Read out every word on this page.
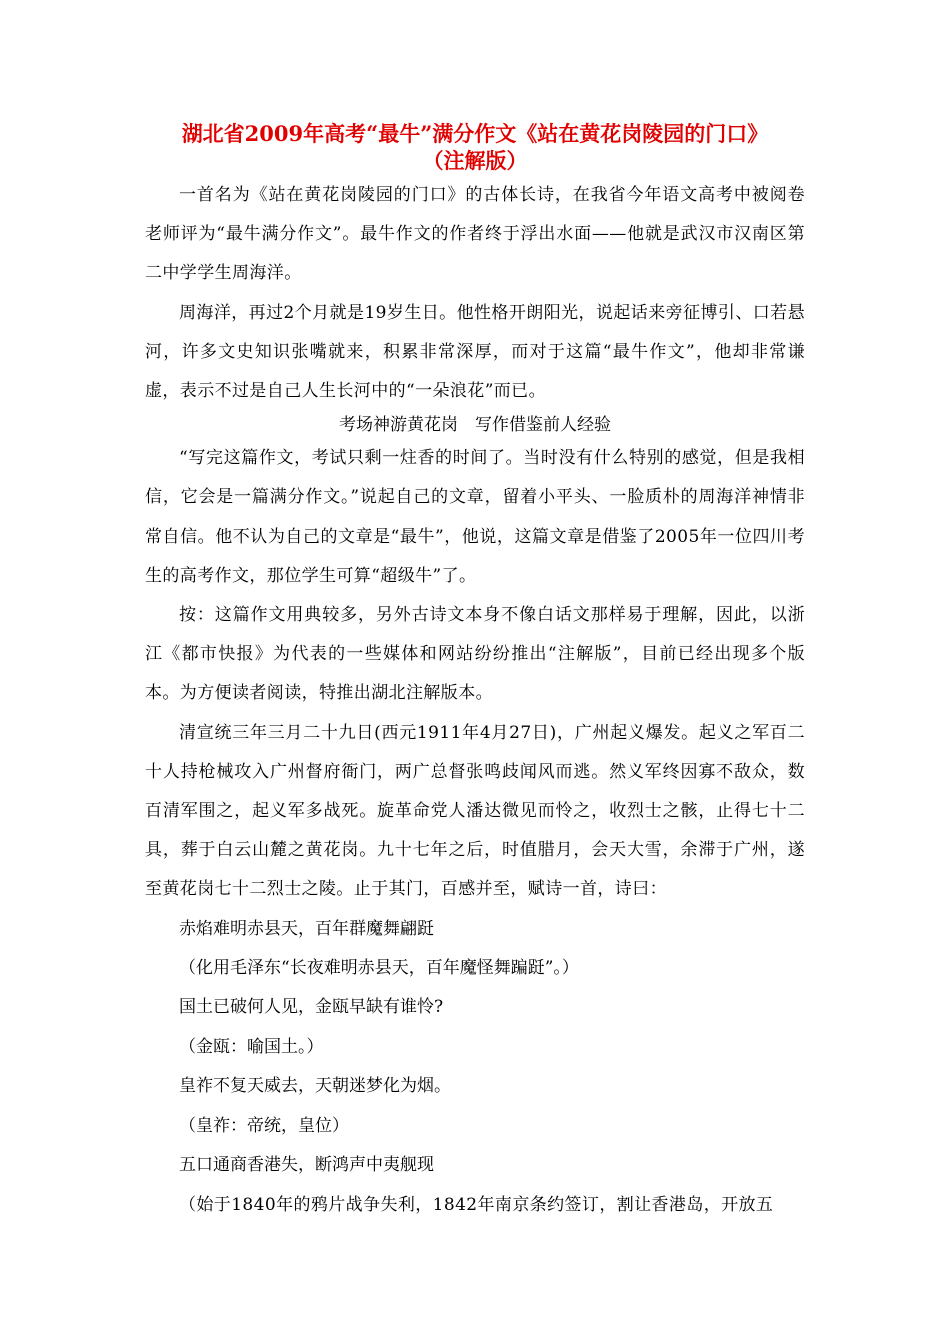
湖北省2009年高考“最牛”满分作文《站在黄花岗陵园的门口》
（注解版）

一首名为《站在黄花岗陵园的门口》的古体长诗，在我省今年语文高考中被阅卷老师评为“最牛满分作文”。最牛作文的作者终于浮出水面——他就是武汉市汉南区第二中学学生周海洋。

周海洋，再过2个月就是19岁生日。他性格开朗阳光，说起话来旁征博引、口若悬河，许多文史知识张嘴就来，积累非常深厚，而对于这篇“最牛作文”，他却非常谦虚，表示不过是自己人生长河中的“一朵浪花”而已。

考场神游黄花岗　写作借鉴前人经验

“写完这篇作文，考试只剩一炷香的时间了。当时没有什么特别的感觉，但是我相信，它会是一篇满分作文。”说起自己的文章，留着小平头、一脸质朴的周海洋神情非常自信。他不认为自己的文章是“最牛”，他说，这篇文章是借鉴了2005年一位四川考生的高考作文，那位学生可算“超级牛”了。

按：这篇作文用典较多，另外古诗文本身不像白话文那样易于理解，因此，以浙江《都市快报》为代表的一些媒体和网站纷纷推出“注解版”，目前已经出现多个版本。为方便读者阅读，特推出湖北注解版本。

清宣统三年三月二十九日(西元1911年4月27日)，广州起义爆发。起义之军百二十人持枪械攻入广州督府衙门，两广总督张鸣歧闻风而逃。然义军终因寡不敌众，数百清军围之，起义军多战死。旋革命党人潘达微见而怜之，收烈士之骸，止得七十二具，葬于白云山麓之黄花岗。九十七年之后，时值腊月，会天大雪，余滞于广州，遂至黄花岗七十二烈士之陵。止于其门，百感并至，赋诗一首，诗曰：

赤焰难明赤县天，百年群魔舞翩跹

（化用毛泽东“长夜难明赤县天，百年魔怪舞蹁跹”。）

国土已破何人见，金瓯早缺有谁怜?

（金瓯：喻国土。）

皇祚不复天威去，天朝迷梦化为烟。

（皇祚：帝统，皇位）

五口通商香港失，断鸿声中夷舰现

（始于1840年的鸦片战争失利，1842年南京条约签订，割让香港岛，开放五
